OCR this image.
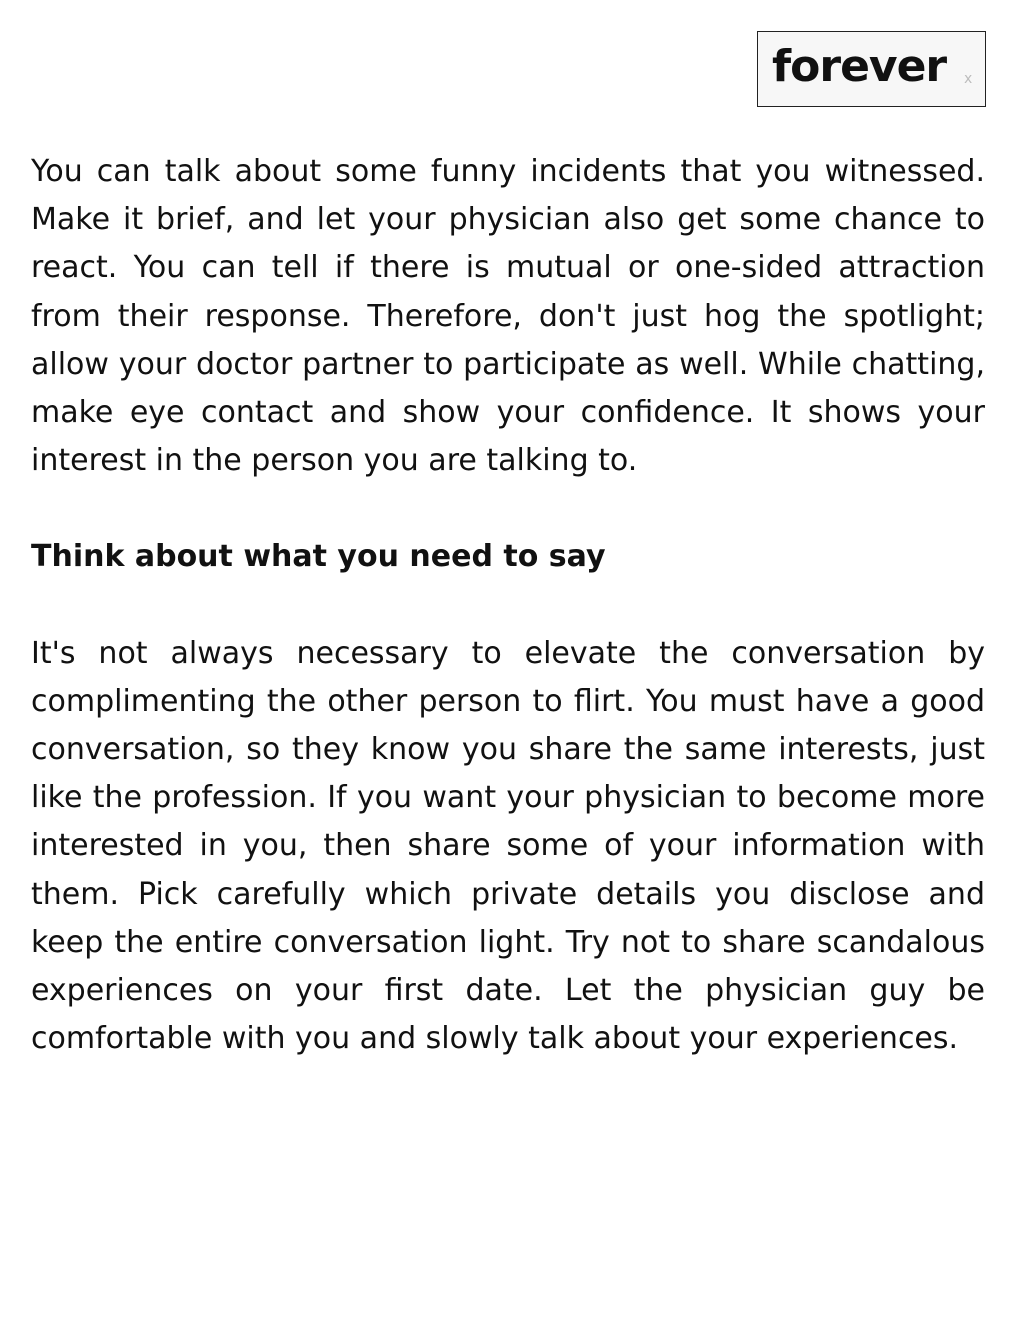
forever x

You can talk about some funny incidents that you witnessed. Make it brief, and let your physician also get some chance to react. You can tell if there is mutual or one-sided attraction from their response. Therefore, don't just hog the spotlight; allow your doctor partner to participate as well. While chatting, make eye contact and show your confidence. It shows your interest in the person you are talking to.

Think about what you need to say

It's not always necessary to elevate the conversation by complimenting the other person to flirt. You must have a good conversation, so they know you share the same interests, just like the profession. If you want your physician to become more interested in you, then share some of your information with them. Pick carefully which private details you disclose and keep the entire conversation light. Try not to share scandalous experiences on your first date. Let the physician guy be comfortable with you and slowly talk about your experiences.
